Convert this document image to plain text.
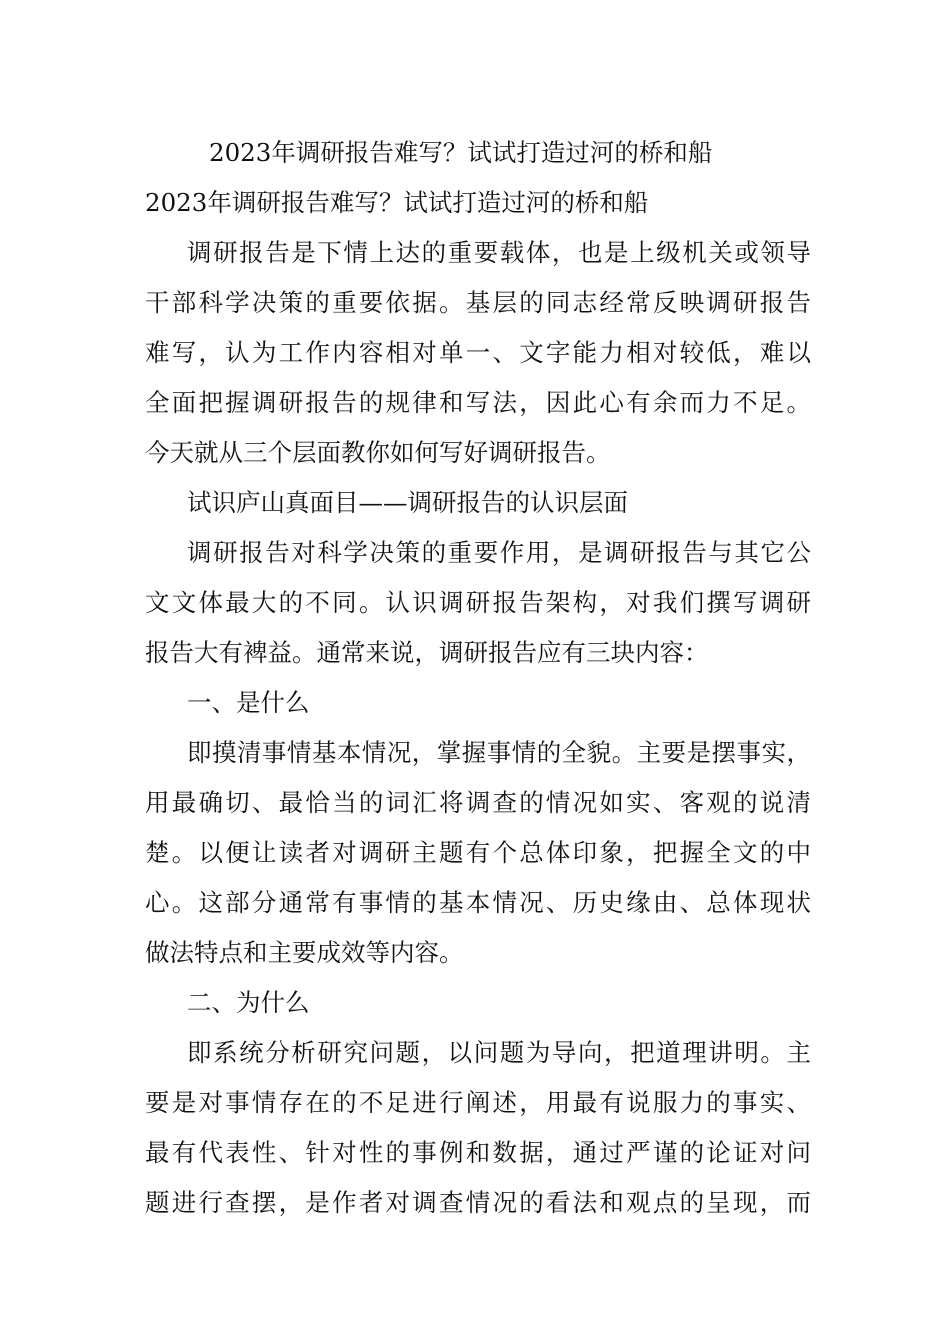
2023年调研报告难写？试试打造过河的桥和船
2023年调研报告难写？试试打造过河的桥和船
调研报告是下情上达的重要载体，也是上级机关或领导
干部科学决策的重要依据。基层的同志经常反映调研报告
难写，认为工作内容相对单一、文字能力相对较低，难以
全面把握调研报告的规律和写法，因此心有余而力不足。
今天就从三个层面教你如何写好调研报告。
试识庐山真面目——调研报告的认识层面
调研报告对科学决策的重要作用，是调研报告与其它公
文文体最大的不同。认识调研报告架构，对我们撰写调研
报告大有裨益。通常来说，调研报告应有三块内容：
一、是什么
即摸清事情基本情况，掌握事情的全貌。主要是摆事实，
用最确切、最恰当的词汇将调查的情况如实、客观的说清
楚。以便让读者对调研主题有个总体印象，把握全文的中
心。这部分通常有事情的基本情况、历史缘由、总体现状
做法特点和主要成效等内容。
二、为什么
即系统分析研究问题，以问题为导向，把道理讲明。主
要是对事情存在的不足进行阐述，用最有说服力的事实、
最有代表性、针对性的事例和数据，通过严谨的论证对问
题进行查摆，是作者对调查情况的看法和观点的呈现，而
